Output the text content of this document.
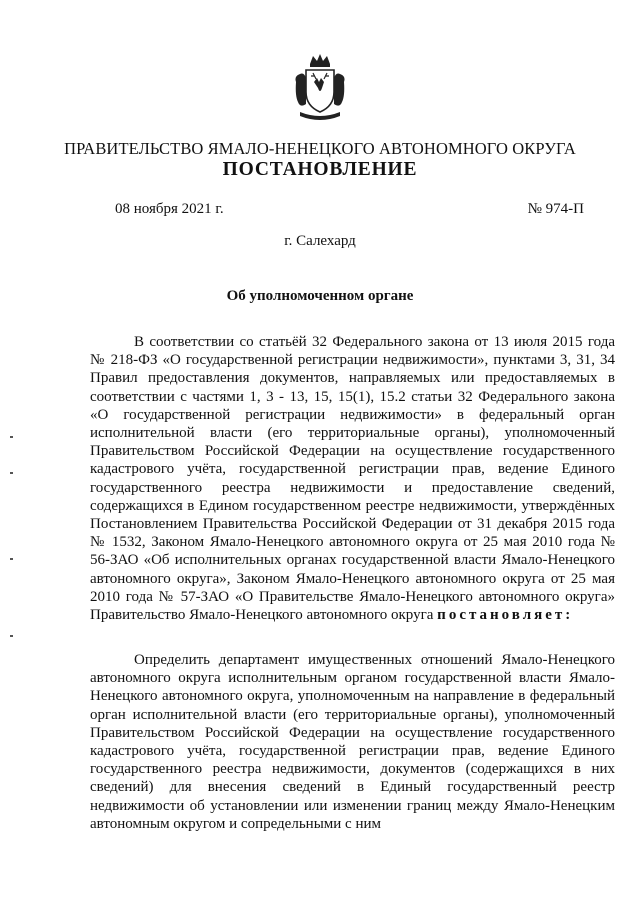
ПРАВИТЕЛЬСТВО ЯМАЛО-НЕНЕЦКОГО АВТОНОМНОГО ОКРУГА
ПОСТАНОВЛЕНИЕ
08 ноября 2021 г.	№ 974-П
г. Салехард
Об уполномоченном органе

В соответствии со статьёй 32 Федерального закона от 13 июля 2015 года № 218-ФЗ «О государственной регистрации недвижимости», пунктами 3, 31, 34 Правил предоставления документов, направляемых или предоставляемых в соответствии с частями 1, 3 - 13, 15, 15(1), 15.2 статьи 32 Федерального закона «О государственной регистрации недвижимости» в федеральный орган исполнительной власти (его территориальные органы), уполномоченный Правительством Российской Федерации на осуществление государственного кадастрового учёта, государственной регистрации прав, ведение Единого государственного реестра недвижимости и предоставление сведений, содержащихся в Едином государственном реестре недвижимости, утверждённых Постановлением Правительства Российской Федерации от 31 декабря 2015 года № 1532, Законом Ямало-Ненецкого автономного округа от 25 мая 2010 года № 56-ЗАО «Об исполнительных органах государственной власти Ямало-Ненецкого автономного округа», Законом Ямало-Ненецкого автономного округа от 25 мая 2010 года № 57-ЗАО «О Правительстве Ямало-Ненецкого автономного округа» Правительство Ямало-Ненецкого автономного округа постановляет:

Определить департамент имущественных отношений Ямало-Ненецкого автономного округа исполнительным органом государственной власти Ямало-Ненецкого автономного округа, уполномоченным на направление в федеральный орган исполнительной власти (его территориальные органы), уполномоченный Правительством Российской Федерации на осуществление государственного кадастрового учёта, государственной регистрации прав, ведение Единого государственного реестра недвижимости, документов (содержащихся в них сведений) для внесения сведений в Единый государственный реестр недвижимости об установлении или изменении границ между Ямало-Ненецким автономным округом и сопредельными с ним
